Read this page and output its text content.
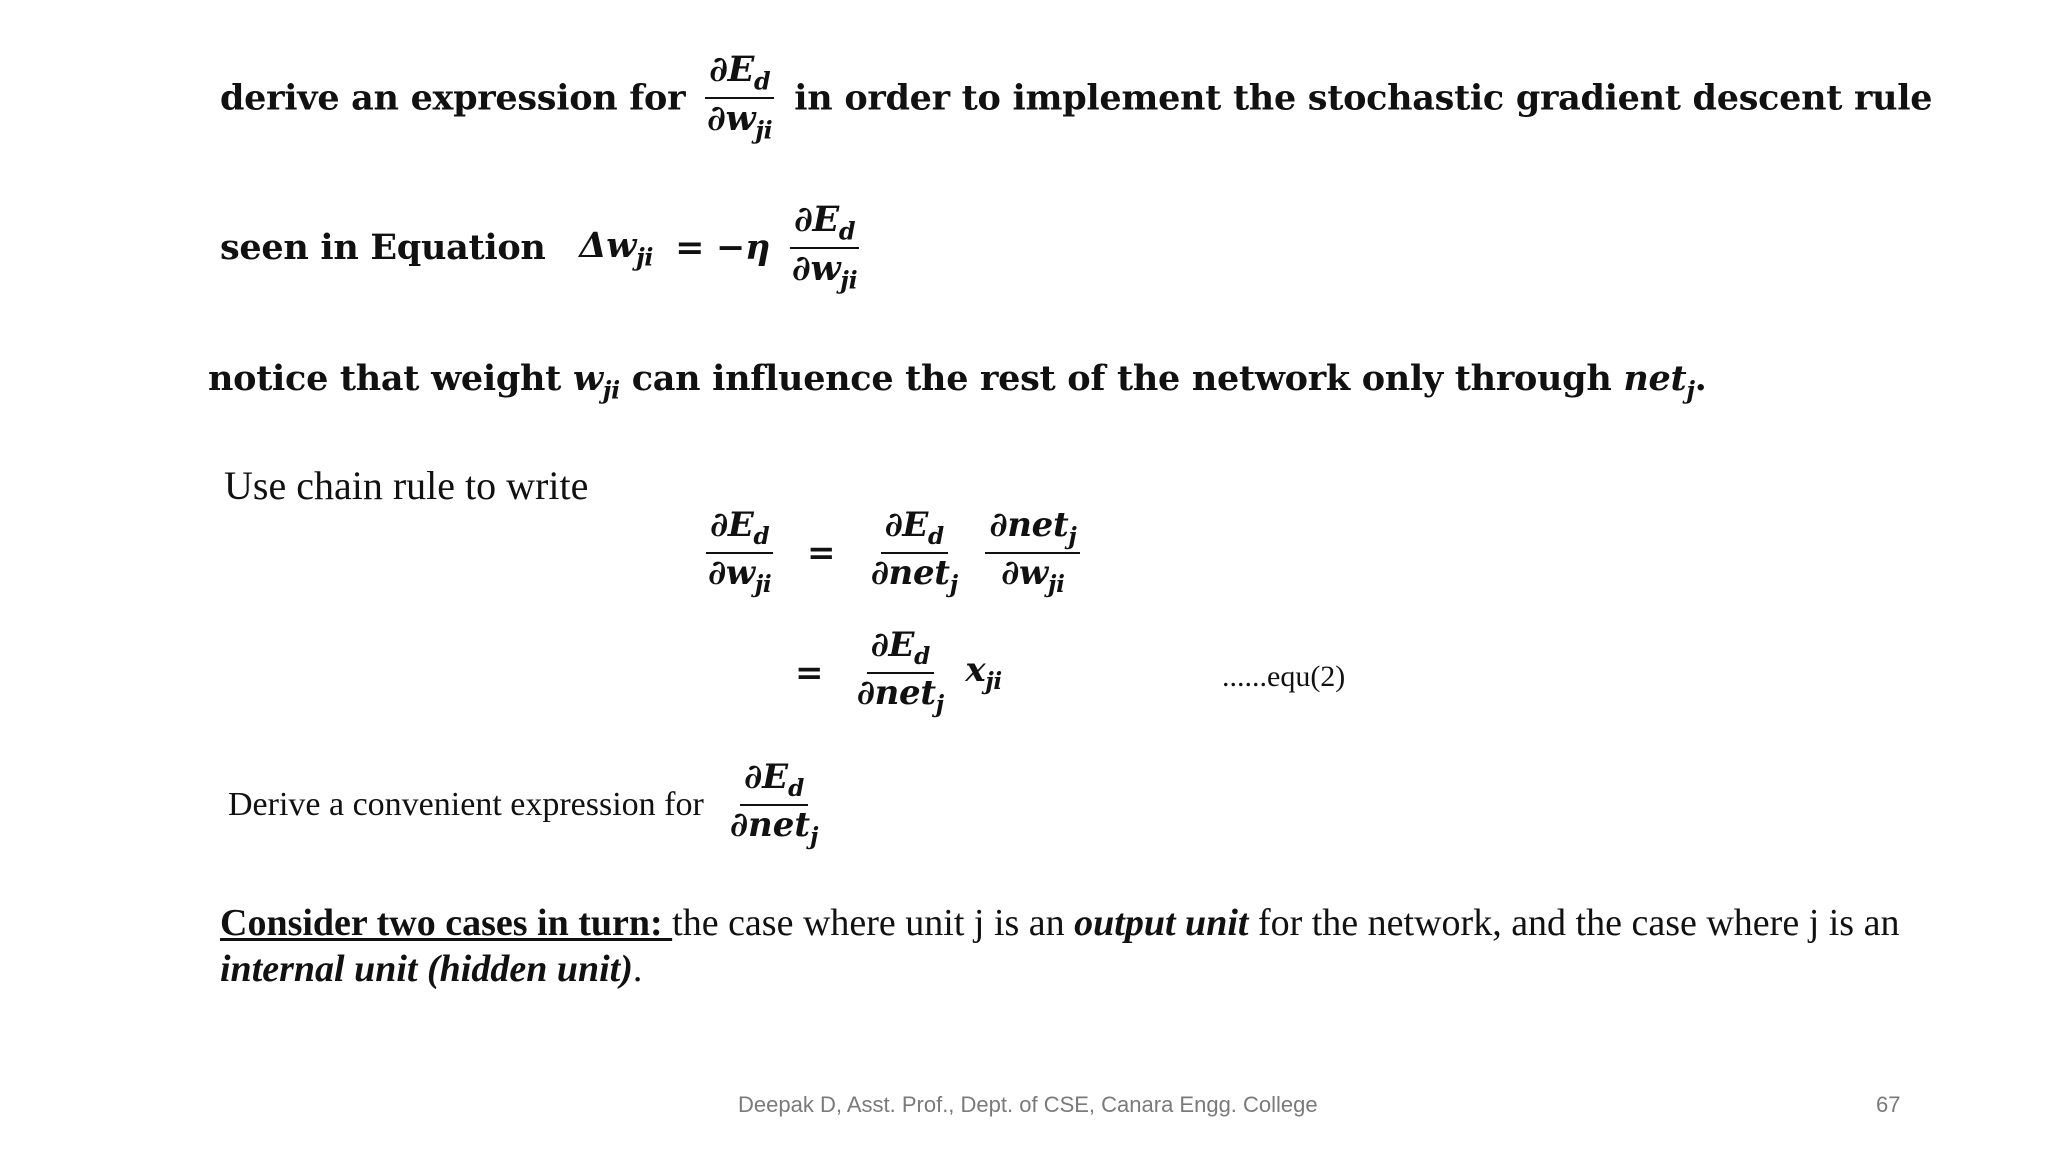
derive an expression for $\frac{\partial E_d}{\partial w_{ji}}$ in order to implement the stochastic gradient descent rule
seen in Equation $\Delta w_{ji} = -\eta \frac{\partial E_d}{\partial w_{ji}}$
notice that weight $w_{ji}$ can influence the rest of the network only through net$_j$.
Use chain rule to write
$\frac{\partial E_d}{\partial w_{ji}} = \frac{\partial E_d}{\partial net_j}$
$\frac{\partial net_j}{\partial w_{ji}}$
= $\frac{\partial E_d}{\partial net_j} x_{ji}$	......equ(2)
Derive a convenient expression for $\frac{\partial E_d}{\partial net_j}$
Consider two cases in turn: the case where unit j is an output unit for the network, and the case where j is an internal unit (hidden unit).
Deepak D, Asst. Prof., Dept. of CSE, Canara Engg. College	67
